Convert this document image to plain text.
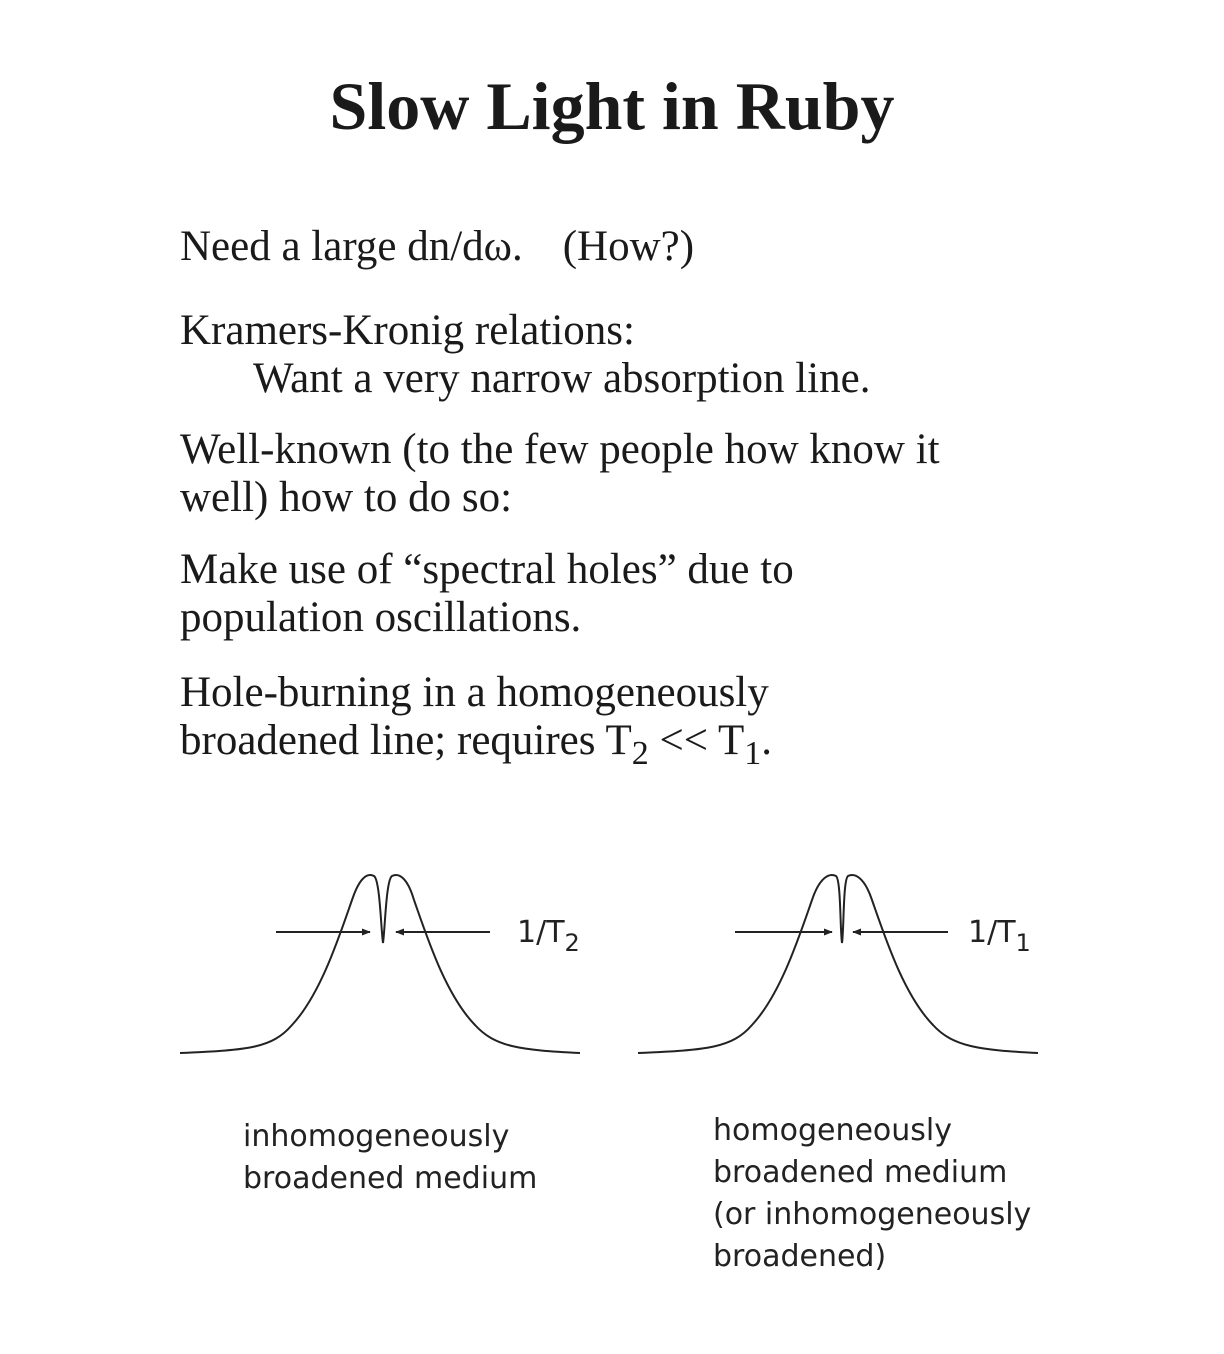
Slow Light in Ruby
Need a large dn/dω. (How?)
Kramers-Kronig relations:
Want a very narrow absorption line.
Well-known (to the few people how know it
well) how to do so:
Make use of “spectral holes” due to
population oscillations.
Hole-burning in a homogeneously
broadened line; requires $T_2 << T_1$.
$1/T_2$	$1/T_1$
inhomogeneously
broadened medium
homogeneously
broadened medium
(or inhomogeneously
broadened)
